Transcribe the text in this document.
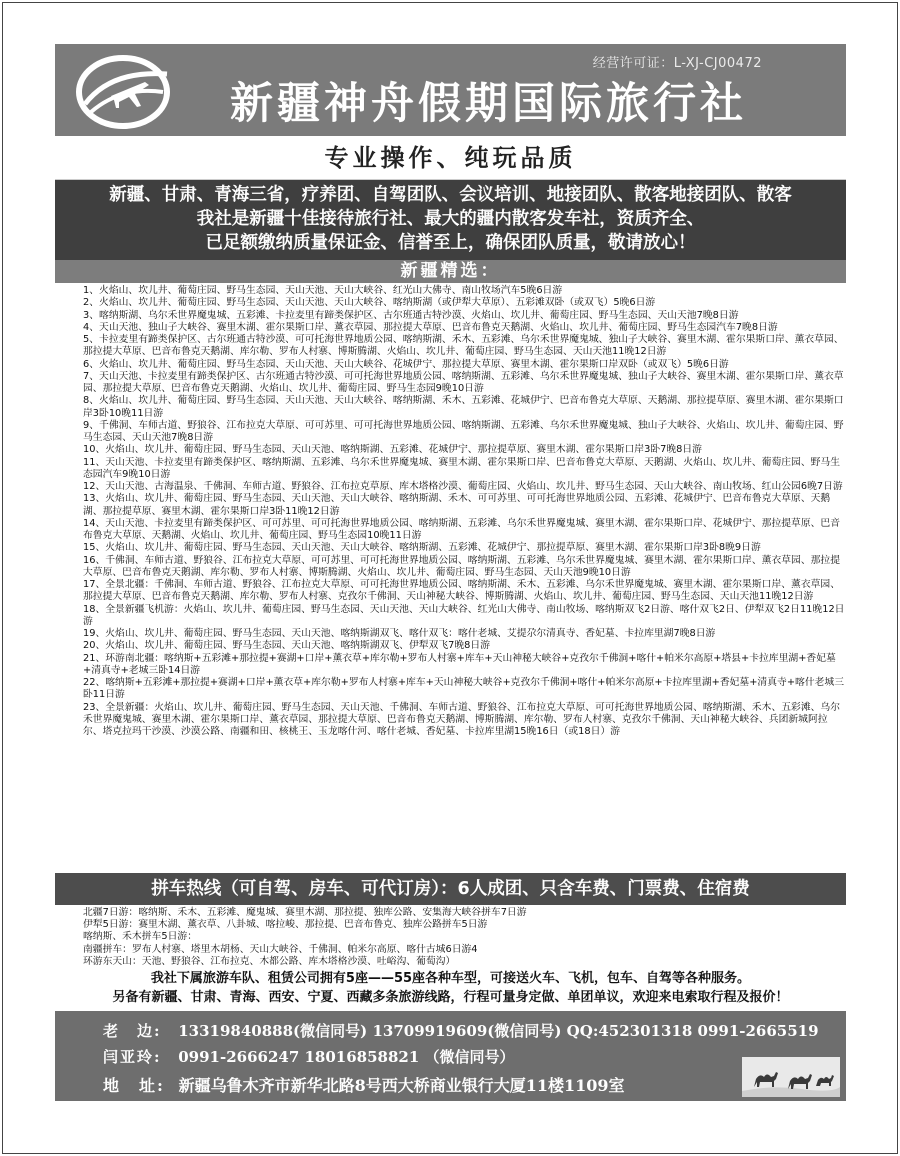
经营许可证：L-XJ-CJ00472
新疆神舟假期国际旅行社
专业操作、纯玩品质
新疆、甘肃、青海三省，疗养团、自驾团队、会议培训、地接团队、散客地接团队、散客
我社是新疆十佳接待旅行社、最大的疆内散客发车社，资质齐全、
已足额缴纳质量保证金、信誉至上，确保团队质量，敬请放心！
新疆精选：

1、火焰山、坎儿井、葡萄庄园、野马生态园、天山天池、天山大峡谷、红光山大佛寺、南山牧场汽车5晚6日游

2、火焰山、坎儿井、葡萄庄园、野马生态园、天山天池、天山大峡谷、喀纳斯湖（或伊犁大草原）、五彩滩双卧（或双飞）5晚6日游

3、喀纳斯湖、乌尔禾世界魔鬼城、五彩滩、卡拉麦里有蹄类保护区、古尔班通古特沙漠、火焰山、坎儿井、葡萄庄园、野马生态园、天山天池7晚8日游

4、天山天池、独山子大峡谷、赛里木湖、霍尔果斯口岸、薰衣草园、那拉提大草原、巴音布鲁克天鹅湖、火焰山、坎儿井、葡萄庄园、野马生态园汽车7晚8日游

5、卡拉麦里有蹄类保护区、古尔班通古特沙漠、可可托海世界地质公园、喀纳斯湖、禾木、五彩滩、乌尔禾世界魔鬼城、独山子大峡谷、赛里木湖、霍尔果斯口岸、薰衣草园、那拉提大草原、巴音布鲁克天鹅湖、库尔勒、罗布人村寨、博斯腾湖、火焰山、坎儿井、葡萄庄园、野马生态园、天山天池11晚12日游

6、火焰山、坎儿井、葡萄庄园、野马生态园、天山天池、天山大峡谷、花城伊宁、那拉提大草原、赛里木湖、霍尔果斯口岸双卧（或双飞）5晚6日游

7、天山天池、卡拉麦里有蹄类保护区、古尔班通古特沙漠、可可托海世界地质公园、喀纳斯湖、五彩滩、乌尔禾世界魔鬼城、独山子大峡谷、赛里木湖、霍尔果斯口岸、薰衣草园、那拉提大草原、巴音布鲁克天鹅湖、火焰山、坎儿井、葡萄庄园、野马生态园9晚10日游

8、火焰山、坎儿井、葡萄庄园、野马生态园、天山天池、天山大峡谷、喀纳斯湖、禾木、五彩滩、花城伊宁、巴音布鲁克大草原、天鹅湖、那拉提草原、赛里木湖、霍尔果斯口岸3卧10晚11日游

9、千佛洞、车师古道、野狼谷、江布拉克大草原、可可苏里、可可托海世界地质公园、喀纳斯湖、五彩滩、乌尔禾世界魔鬼城、独山子大峡谷、火焰山、坎儿井、葡萄庄园、野马生态园、天山天池7晚8日游

10、火焰山、坎儿井、葡萄庄园、野马生态园、天山天池、喀纳斯湖、五彩滩、花城伊宁、那拉提草原、赛里木湖、霍尔果斯口岸3卧7晚8日游

11、天山天池、卡拉麦里有蹄类保护区、喀纳斯湖、五彩滩、乌尔禾世界魔鬼城、赛里木湖、霍尔果斯口岸、巴音布鲁克大草原、天鹅湖、火焰山、坎儿井、葡萄庄园、野马生态园汽车9晚10日游

12、天山天池、古海温泉、千佛洞、车师古道、野狼谷、江布拉克草原、库木塔格沙漠、葡萄庄园、火焰山、坎儿井、野马生态园、天山大峡谷、南山牧场、红山公园6晚7日游

13、火焰山、坎儿井、葡萄庄园、野马生态园、天山天池、天山大峡谷、喀纳斯湖、禾木、可可苏里、可可托海世界地质公园、五彩滩、花城伊宁、巴音布鲁克大草原、天鹅湖、那拉提草原、赛里木湖、霍尔果斯口岸3卧11晚12日游

14、天山天池、卡拉麦里有蹄类保护区、可可苏里、可可托海世界地质公园、喀纳斯湖、五彩滩、乌尔禾世界魔鬼城、赛里木湖、霍尔果斯口岸、花城伊宁、那拉提草原、巴音布鲁克大草原、天鹅湖、火焰山、坎儿井、葡萄庄园、野马生态园10晚11日游

15、火焰山、坎儿井、葡萄庄园、野马生态园、天山天池、天山大峡谷、喀纳斯湖、五彩滩、花城伊宁、那拉提草原、赛里木湖、霍尔果斯口岸3卧8晚9日游

16、千佛洞、车师古道、野狼谷、江布拉克大草原、可可苏里、可可托海世界地质公园、喀纳斯湖、五彩滩、乌尔禾世界魔鬼城、赛里木湖、霍尔果斯口岸、薰衣草园、那拉提大草原、巴音布鲁克天鹅湖、库尔勒、罗布人村寨、博斯腾湖、火焰山、坎儿井、葡萄庄园、野马生态园、天山天池9晚10日游

17、全景北疆：千佛洞、车师古道、野狼谷、江布拉克大草原、可可托海世界地质公园、喀纳斯湖、禾木、五彩滩、乌尔禾世界魔鬼城、赛里木湖、霍尔果斯口岸、薰衣草园、那拉提大草原、巴音布鲁克天鹅湖、库尔勒、罗布人村寨、克孜尔千佛洞、天山神秘大峡谷、博斯腾湖、火焰山、坎儿井、葡萄庄园、野马生态园、天山天池11晚12日游

18、全景新疆飞机游：火焰山、坎儿井、葡萄庄园、野马生态园、天山天池、天山大峡谷、红光山大佛寺、南山牧场、喀纳斯双飞2日游、喀什双飞2日、伊犁双飞2日11晚12日游

19、火焰山、坎儿井、葡萄庄园、野马生态园、天山天池、喀纳斯湖双飞、喀什双飞：喀什老城、艾提尕尔清真寺、香妃墓、卡拉库里湖7晚8日游

20、火焰山、坎儿井、葡萄庄园、野马生态园、天山天池、喀纳斯湖双飞、伊犁双飞7晚8日游

21、环游南北疆：喀纳斯+五彩滩+那拉提+赛湖+口岸+薰衣草+库尔勒+罗布人村寨+库车+天山神秘大峡谷+克孜尔千佛洞+喀什+帕米尔高原+塔县+卡拉库里湖+香妃墓+清真寺+老城三卧14日游

22、喀纳斯+五彩滩+那拉提+赛湖+口岸+薰衣草+库尔勒+罗布人村寨+库车+天山神秘大峡谷+克孜尔千佛洞+喀什+帕米尔高原+卡拉库里湖+香妃墓+清真寺+喀什老城三卧11日游

23、全景新疆：火焰山、坎儿井、葡萄庄园、野马生态园、天山天池、千佛洞、车师古道、野狼谷、江布拉克大草原、可可托海世界地质公园、喀纳斯湖、禾木、五彩滩、乌尔禾世界魔鬼城、赛里木湖、霍尔果斯口岸、薰衣草园、那拉提大草原、巴音布鲁克天鹅湖、博斯腾湖、库尔勒、罗布人村寨、克孜尔千佛洞、天山神秘大峡谷、兵团新城阿拉尔、塔克拉玛干沙漠、沙漠公路、南疆和田、核桃王、玉龙喀什河、喀什老城、香妃墓、卡拉库里湖15晚16日（或18日）游

拼车热线（可自驾、房车、可代订房）：6人成团、只含车费、门票费、住宿费

北疆7日游：喀纳斯、禾木、五彩滩、魔鬼城、赛里木湖、那拉提、独库公路、安集海大峡谷拼车7日游

伊犁5日游：赛里木湖、薰衣草、八卦城、喀拉峻、那拉提、巴音布鲁克、独库公路拼车5日游

喀纳斯、禾木拼车5日游：

南疆拼车：罗布人村寨、塔里木胡杨、天山大峡谷、千佛洞、帕米尔高原、喀什古城6日游4

环游东天山：天池、野狼谷、江布拉克、木都公路、库木塔格沙漠、吐峪沟、葡萄沟）

我社下属旅游车队、租赁公司拥有5座——55座各种车型，可接送火车、飞机，包车、自驾等各种服务。
另备有新疆、甘肃、青海、西安、宁夏、西藏多条旅游线路，行程可量身定做、单团单议，欢迎来电索取行程及报价！
老　边: 13319840888(微信同号) 13709919609(微信同号) QQ:452301318 0991-2665519
闫亚玲: 0991-2666247 18016858821 （微信同号）
地　址: 新疆乌鲁木齐市新华北路8号西大桥商业银行大厦11楼1109室
